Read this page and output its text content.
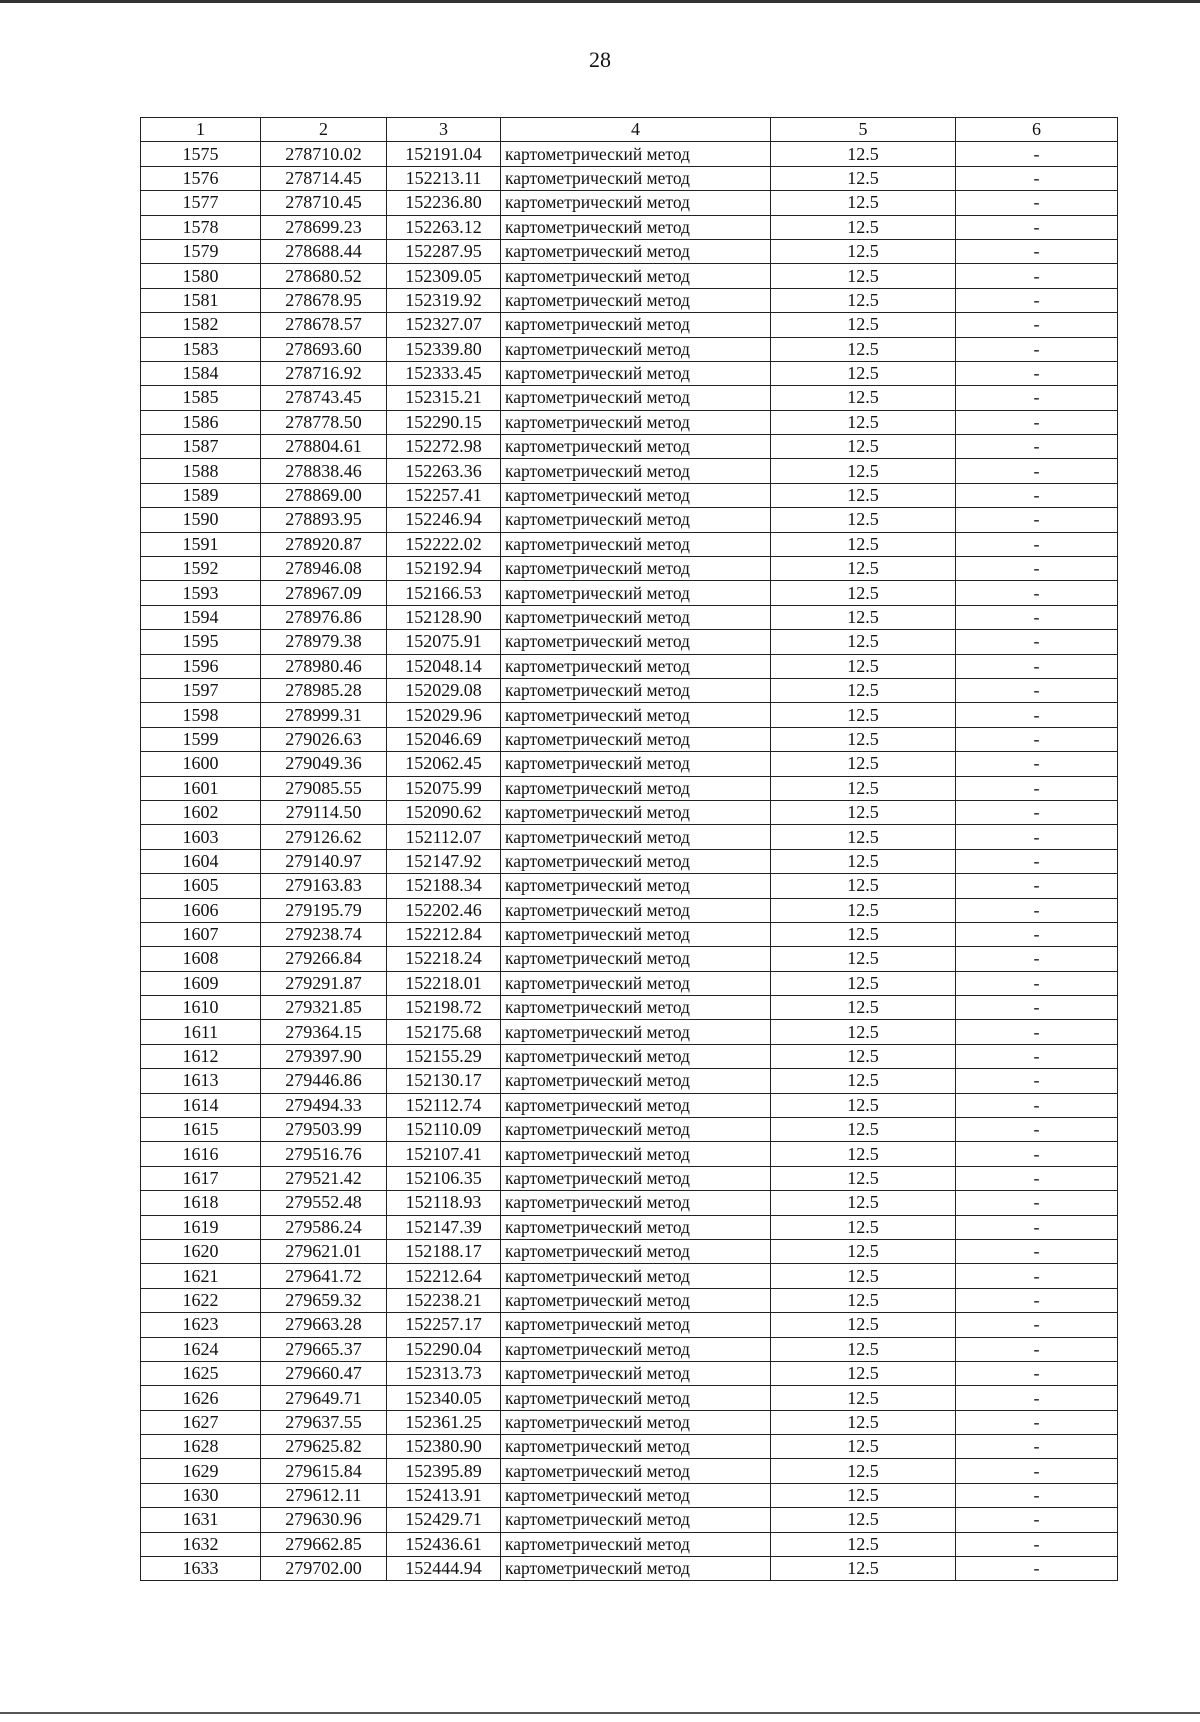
28
1	2	3	4	5	6
1575	278710.02	152191.04	картометрический метод	12.5	-
1576	278714.45	152213.11	картометрический метод	12.5	-
1577	278710.45	152236.80	картометрический метод	12.5	-
1578	278699.23	152263.12	картометрический метод	12.5	-
1579	278688.44	152287.95	картометрический метод	12.5	-
1580	278680.52	152309.05	картометрический метод	12.5	-
1581	278678.95	152319.92	картометрический метод	12.5	-
1582	278678.57	152327.07	картометрический метод	12.5	-
1583	278693.60	152339.80	картометрический метод	12.5	-
1584	278716.92	152333.45	картометрический метод	12.5	-
1585	278743.45	152315.21	картометрический метод	12.5	-
1586	278778.50	152290.15	картометрический метод	12.5	-
1587	278804.61	152272.98	картометрический метод	12.5	-
1588	278838.46	152263.36	картометрический метод	12.5	-
1589	278869.00	152257.41	картометрический метод	12.5	-
1590	278893.95	152246.94	картометрический метод	12.5	-
1591	278920.87	152222.02	картометрический метод	12.5	-
1592	278946.08	152192.94	картометрический метод	12.5	-
1593	278967.09	152166.53	картометрический метод	12.5	-
1594	278976.86	152128.90	картометрический метод	12.5	-
1595	278979.38	152075.91	картометрический метод	12.5	-
1596	278980.46	152048.14	картометрический метод	12.5	-
1597	278985.28	152029.08	картометрический метод	12.5	-
1598	278999.31	152029.96	картометрический метод	12.5	-
1599	279026.63	152046.69	картометрический метод	12.5	-
1600	279049.36	152062.45	картометрический метод	12.5	-
1601	279085.55	152075.99	картометрический метод	12.5	-
1602	279114.50	152090.62	картометрический метод	12.5	-
1603	279126.62	152112.07	картометрический метод	12.5	-
1604	279140.97	152147.92	картометрический метод	12.5	-
1605	279163.83	152188.34	картометрический метод	12.5	-
1606	279195.79	152202.46	картометрический метод	12.5	-
1607	279238.74	152212.84	картометрический метод	12.5	-
1608	279266.84	152218.24	картометрический метод	12.5	-
1609	279291.87	152218.01	картометрический метод	12.5	-
1610	279321.85	152198.72	картометрический метод	12.5	-
1611	279364.15	152175.68	картометрический метод	12.5	-
1612	279397.90	152155.29	картометрический метод	12.5	-
1613	279446.86	152130.17	картометрический метод	12.5	-
1614	279494.33	152112.74	картометрический метод	12.5	-
1615	279503.99	152110.09	картометрический метод	12.5	-
1616	279516.76	152107.41	картометрический метод	12.5	-
1617	279521.42	152106.35	картометрический метод	12.5	-
1618	279552.48	152118.93	картометрический метод	12.5	-
1619	279586.24	152147.39	картометрический метод	12.5	-
1620	279621.01	152188.17	картометрический метод	12.5	-
1621	279641.72	152212.64	картометрический метод	12.5	-
1622	279659.32	152238.21	картометрический метод	12.5	-
1623	279663.28	152257.17	картометрический метод	12.5	-
1624	279665.37	152290.04	картометрический метод	12.5	-
1625	279660.47	152313.73	картометрический метод	12.5	-
1626	279649.71	152340.05	картометрический метод	12.5	-
1627	279637.55	152361.25	картометрический метод	12.5	-
1628	279625.82	152380.90	картометрический метод	12.5	-
1629	279615.84	152395.89	картометрический метод	12.5	-
1630	279612.11	152413.91	картометрический метод	12.5	-
1631	279630.96	152429.71	картометрический метод	12.5	-
1632	279662.85	152436.61	картометрический метод	12.5	-
1633	279702.00	152444.94	картометрический метод	12.5	-
